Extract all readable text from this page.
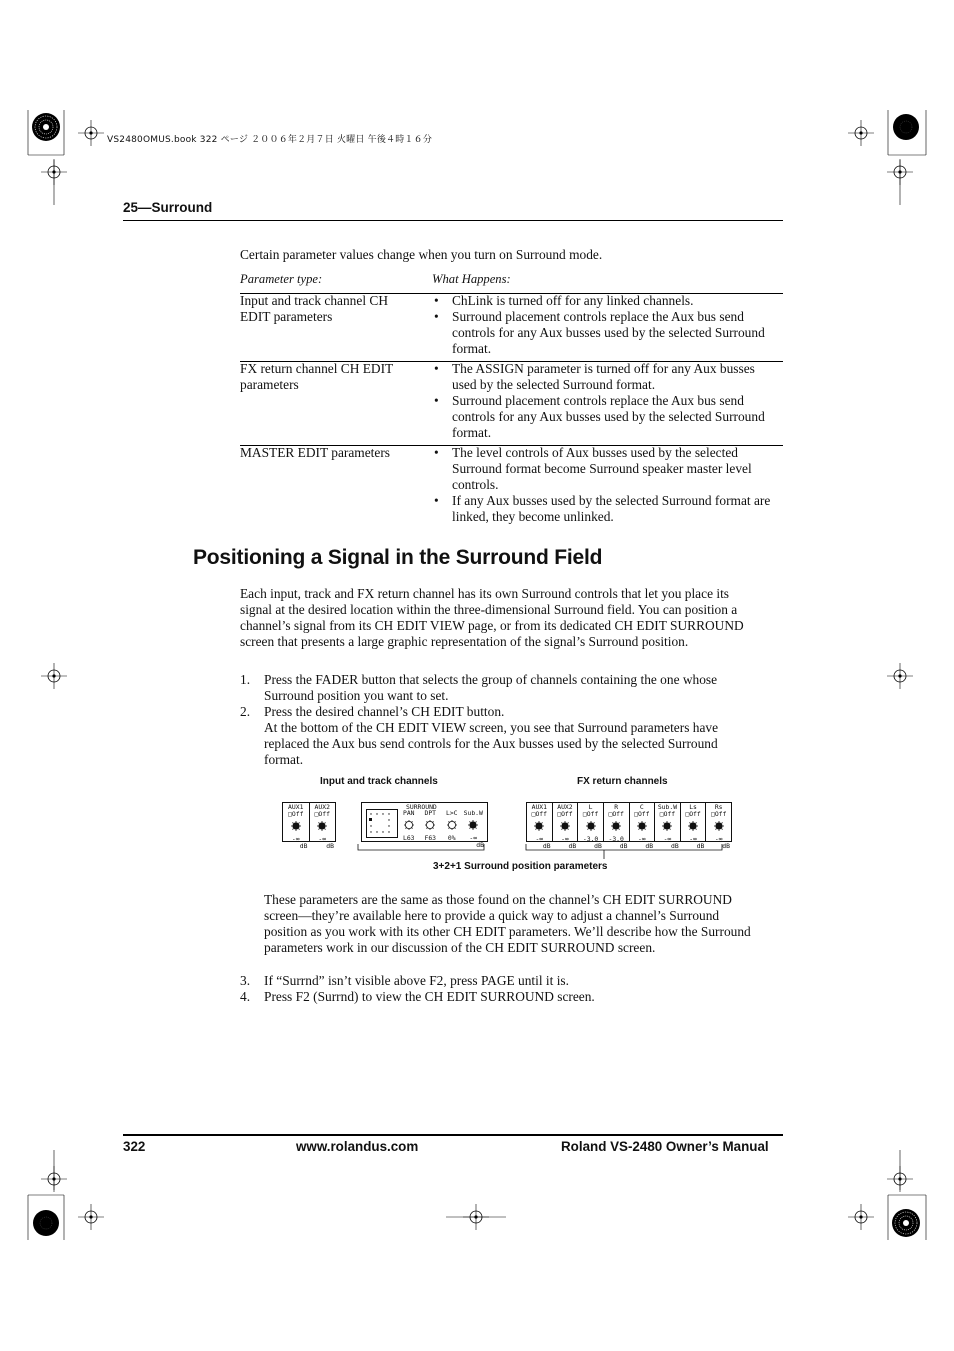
VS2480OMUS.book 322 ページ ２００６年２月７日 火曜日 午後４時１６分
25—Surround
Certain parameter values change when you turn on Surround mode.
Parameter type:	What Happens:
Input and track channel CH EDIT parameters
• ChLink is turned off for any linked channels.
• Surround placement controls replace the Aux bus send controls for any Aux busses used by the selected Surround format.
FX return channel CH EDIT parameters
• The ASSIGN parameter is turned off for any Aux busses used by the selected Surround format.
• Surround placement controls replace the Aux bus send controls for any Aux busses used by the selected Surround format.
MASTER EDIT parameters
•	The level controls of Aux busses used by the selected Surround format become Surround speaker master level controls.
• If any Aux busses used by the selected Surround format are linked, they become unlinked.
Positioning a Signal in the Surround Field
Each input, track and FX return channel has its own Surround controls that let you place its signal at the desired location within the three-dimensional Surround field. You can position a channel’s signal from its CH EDIT VIEW page, or from its dedicated CH EDIT SURROUND screen that presents a large graphic representation of the signal’s Surround position.
1. Press the FADER button that selects the group of channels containing the one whose Surround position you want to set.
2. Press the desired channel’s CH EDIT button.
At the bottom of the CH EDIT VIEW screen, you see that Surround parameters have replaced the Aux bus send controls for the Aux busses used by the selected Surround format.
Input and track channels	FX return channels
AUX1
□Off
-∞
dB
AUX2
□Off
-∞
dB
SURROUND
PAN
L63
DPT
F63
L>C
0%
Sub.W
-∞
dB
AUX1
□Off
-∞
dB
AUX2
□Off
-∞
dB
L
□Off
-3.0
dB
R
□Off
-3.0
dB
C
□Off
-∞
dB
Sub.W
□Off
-∞
dB
Ls
□Off
-∞
dB
Rs
□Off
-∞
dB
3+2+1 Surround position parameters
These parameters are the same as those found on the channel’s CH EDIT SURROUND screen—they’re available here to provide a quick way to adjust a channel’s Surround position as you work with its other CH EDIT parameters. We’ll describe how the Surround parameters work in our discussion of the CH EDIT SURROUND screen.
3. If “Surrnd” isn’t visible above F2, press PAGE until it is.
4. Press F2 (Surrnd) to view the CH EDIT SURROUND screen.
322	www.rolandus.com	Roland VS-2480 Owner’s Manual
